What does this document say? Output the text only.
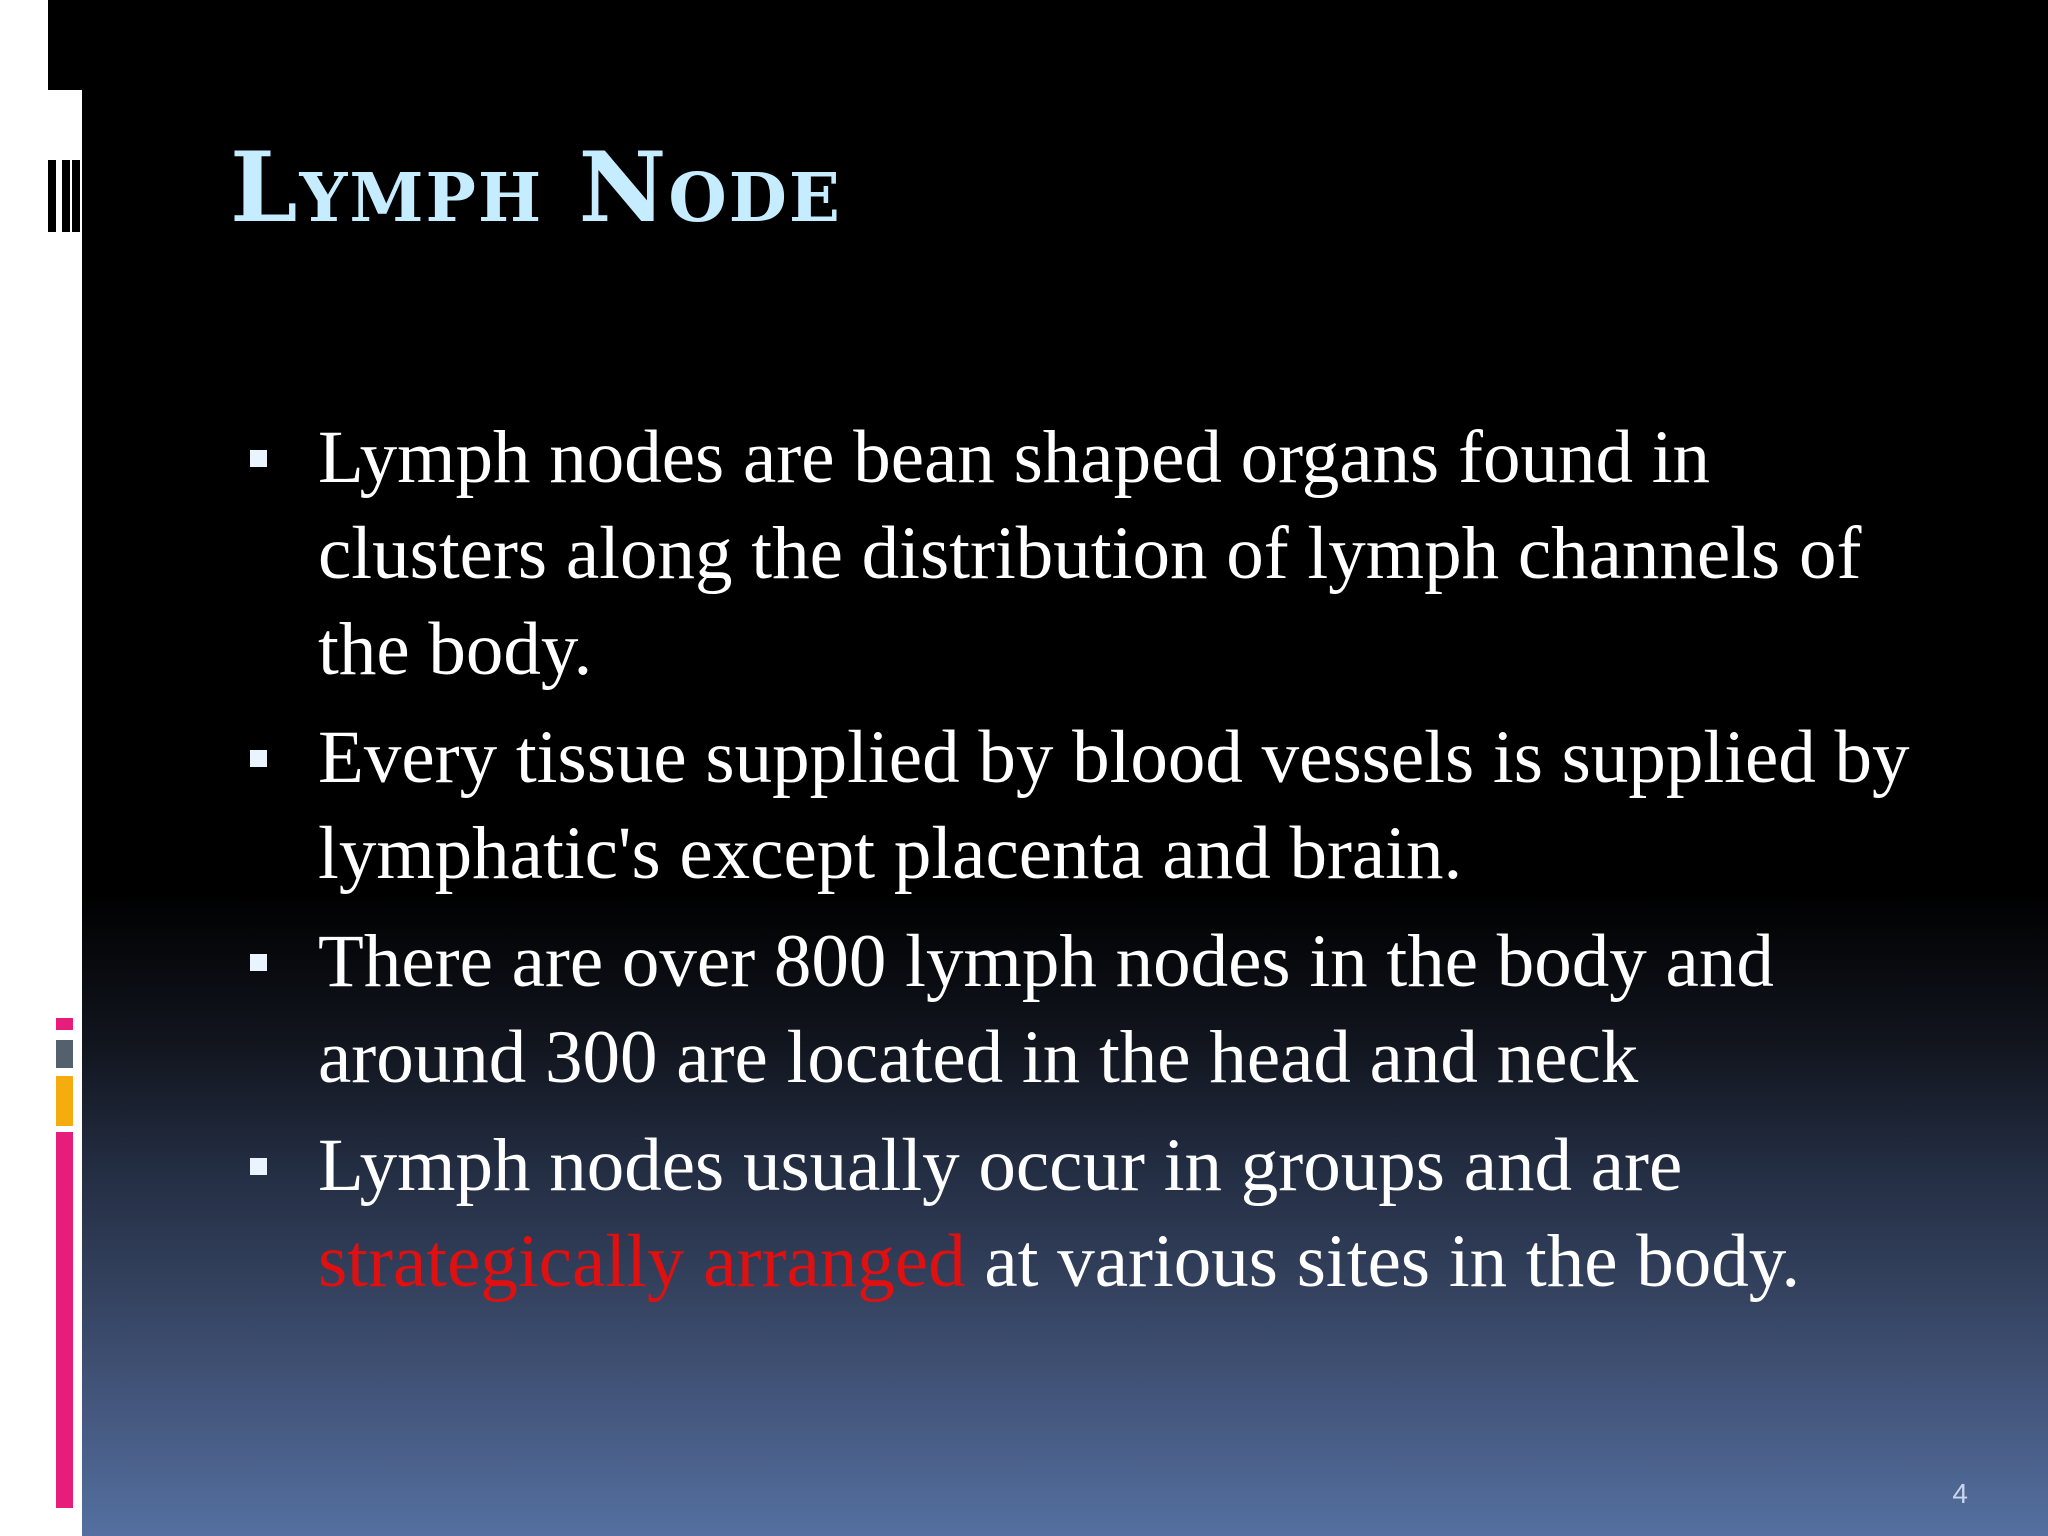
Lymph Node
Lymph nodes are bean shaped organs found in clusters along the distribution of lymph channels of the body.
Every tissue supplied by blood vessels is supplied by lymphatic's except placenta and brain.
There are over 800 lymph nodes in the body and around 300 are located in the head and neck
Lymph nodes usually occur in groups and are strategically arranged at various sites in the body.
4
